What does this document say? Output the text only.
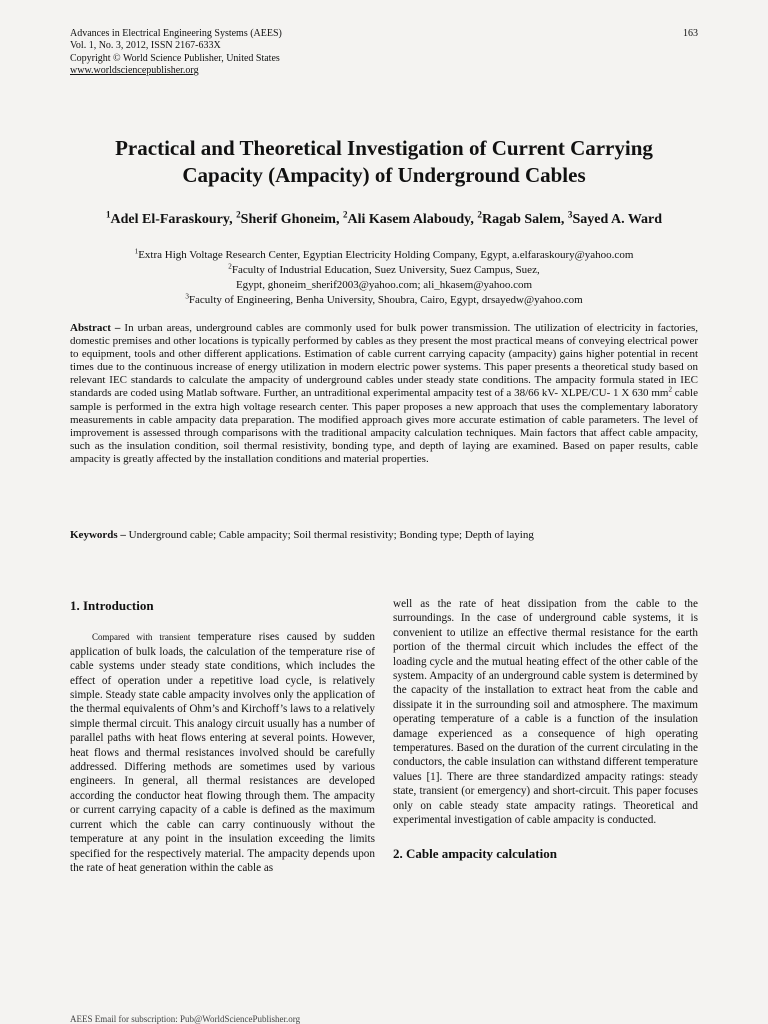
Advances in Electrical Engineering Systems (AEES)
Vol. 1, No. 3, 2012, ISSN 2167-633X
Copyright © World Science Publisher, United States
www.worldsciencepublisher.org
163
Practical and Theoretical Investigation of Current Carrying
Capacity (Ampacity) of Underground Cables
$^1$Adel El-Faraskoury, $^2$Sherif Ghoneim, $^2$Ali Kasem Alaboudy, $^2$Ragab Salem, $^3$Sayed A. Ward
$^1$Extra High Voltage Research Center, Egyptian Electricity Holding Company, Egypt, a.elfaraskoury@yahoo.com
$^2$Faculty of Industrial Education, Suez University, Suez Campus, Suez,
Egypt, ghoneim_sherif2003@yahoo.com; ali_hkasem@yahoo.com
$^3$Faculty of Engineering, Benha University, Shoubra, Cairo, Egypt, drsayedw@yahoo.com
Abstract – In urban areas, underground cables are commonly used for bulk power transmission. The utilization of electricity in factories, domestic premises and other locations is typically performed by cables as they present the most practical means of conveying electrical power to equipment, tools and other different applications. Estimation of cable current carrying capacity (ampacity) gains higher potential in recent times due to the continuous increase of energy utilization in modern electric power systems. This paper presents a theoretical study based on relevant IEC standards to calculate the ampacity of underground cables under steady state conditions. The ampacity formula stated in IEC standards are coded using Matlab software. Further, an untraditional experimental ampacity test of a 38/66 kV- XLPE/CU- 1 X 630 $mm^2$ cable sample is performed in the extra high voltage research center. This paper proposes a new approach that uses the complementary laboratory measurements in cable ampacity data preparation. The modified approach gives more accurate estimation of cable parameters. The level of improvement is assessed through comparisons with the traditional ampacity calculation techniques. Main factors that affect cable ampacity, such as the insulation condition, soil thermal resistivity, bonding type, and depth of laying are examined. Based on paper results, cable ampacity is greatly affected by the installation conditions and material properties.
Keywords – Underground cable; Cable ampacity; Soil thermal resistivity; Bonding type; Depth of laying
1. Introduction

Compared with transient temperature rises caused by sudden application of bulk loads, the calculation of the temperature rise of cable systems under steady state conditions, which includes the effect of operation under a repetitive load cycle, is relatively simple. Steady state cable ampacity involves only the application of the thermal equivalents of Ohm’s and Kirchoff’s laws to a relatively simple thermal circuit. This analogy circuit usually has a number of parallel paths with heat flows entering at several points. However, heat flows and thermal resistances involved should be carefully addressed. Differing methods are sometimes used by various engineers. In general, all thermal resistances are developed according the conductor heat flowing through them. The ampacity or current carrying capacity of a cable is defined as the maximum current which the cable can carry continuously without the temperature at any point in the insulation exceeding the limits specified for the respectively material. The ampacity depends upon the rate of heat generation within the cable as

well as the rate of heat dissipation from the cable to the surroundings. In the case of underground cable systems, it is convenient to utilize an effective thermal resistance for the earth portion of the thermal circuit which includes the effect of the loading cycle and the mutual heating effect of the other cable of the system. Ampacity of an underground cable system is determined by the capacity of the installation to extract heat from the cable and dissipate it in the surrounding soil and atmosphere. The maximum operating temperature of a cable is a function of the insulation damage experienced as a consequence of high operating temperatures. Based on the duration of the current circulating in the conductors, the cable insulation can withstand different temperature values [1]. There are three standardized ampacity ratings: steady state, transient (or emergency) and short-circuit. This paper focuses only on cable steady state ampacity ratings. Theoretical and experimental investigation of cable ampacity is conducted.

2. Cable ampacity calculation
AEES Email for subscription: Pub@WorldSciencePublisher.org
